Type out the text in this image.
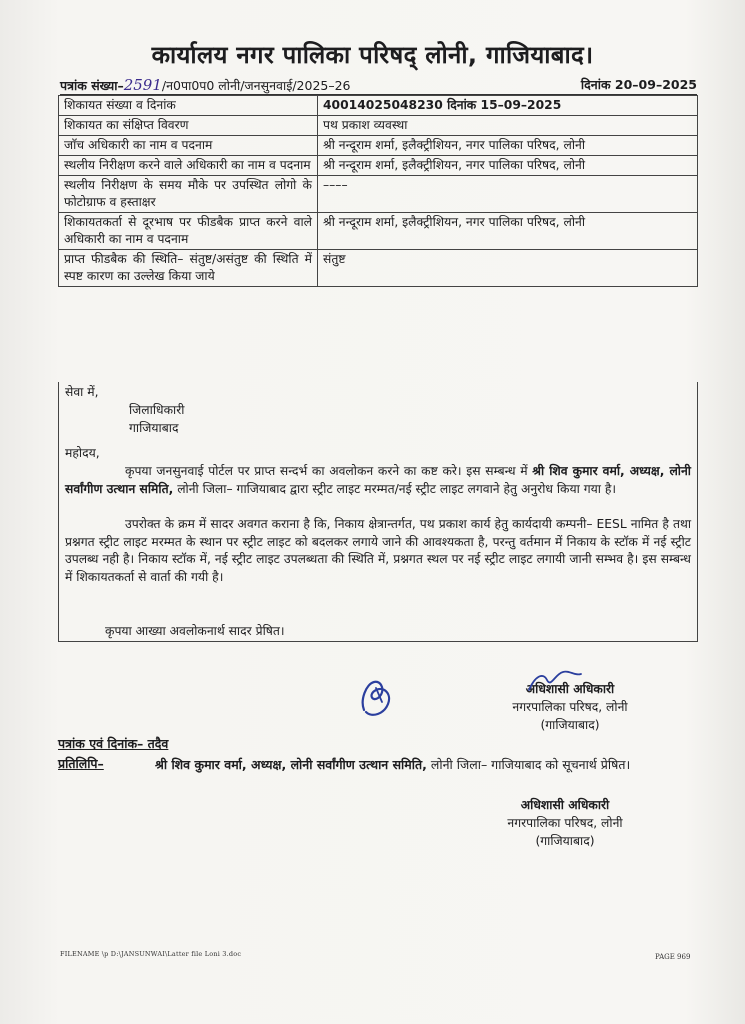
कार्यालय नगर पालिका परिषद् लोनी, गाजियाबाद।
पत्रांक संख्या–2591/न0पा0प0 लोनी/जनसुनवाई/2025–26	दिनांक 20–09–2025
शिकायत संख्या व दिनांक	40014025048230 दिनांक 15–09–2025
शिकायत का संक्षिप्त विवरण	पथ प्रकाश व्यवस्था
जाॅच अधिकारी का नाम व पदनाम	श्री नन्दूराम शर्मा, इलैक्ट्रीशियन, नगर पालिका परिषद, लोनी
स्थलीय निरीक्षण करने वाले अधिकारी का नाम व पदनाम	श्री नन्दूराम शर्मा, इलैक्ट्रीशियन, नगर पालिका परिषद, लोनी
स्थलीय निरीक्षण के समय मौके पर उपस्थित लोगो के फोटोग्राफ व हस्ताक्षर	––––
शिकायतकर्ता से दूरभाष पर फीडबैक प्राप्त करने वाले अधिकारी का नाम व पदनाम	श्री नन्दूराम शर्मा, इलैक्ट्रीशियन, नगर पालिका परिषद, लोनी
प्राप्त फीडबैक की स्थिति– संतुष्ट/असंतुष्ट की स्थिति में स्पष्ट कारण का उल्लेख किया जाये	संतुष्ट
सेवा में,
जिलाधिकारी
गाजियाबाद
महोदय,
कृपया जनसुनवाई पोर्टल पर प्राप्त सन्दर्भ का अवलोकन करने का कष्ट करे। इस सम्बन्ध में श्री शिव कुमार वर्मा, अध्यक्ष, लोनी सर्वांगीण उत्थान समिति, लोनी जिला– गाजियाबाद द्वारा स्ट्रीट लाइट मरम्मत/नई स्ट्रीट लाइट लगवाने हेतु अनुरोध किया गया है।
उपरोक्त के क्रम में सादर अवगत कराना है कि, निकाय क्षेत्रान्तर्गत, पथ प्रकाश कार्य हेतु कार्यदायी कम्पनी– EESL नामित है तथा प्रश्नगत स्ट्रीट लाइट मरम्मत के स्थान पर स्ट्रीट लाइट को बदलकर लगाये जाने की आवश्यकता है, परन्तु वर्तमान में निकाय के स्टॉक में नई स्ट्रीट उपलब्ध नही है। निकाय स्टॉक में, नई स्ट्रीट लाइट उपलब्धता की स्थिति में, प्रश्नगत स्थल पर नई स्ट्रीट लाइट लगायी जानी सम्भव है। इस सम्बन्ध में शिकायतकर्ता से वार्ता की गयी है।
कृपया आख्या अवलोकनार्थ सादर प्रेषित।
अधिशासी अधिकारी
नगरपालिका परिषद, लोनी
(गाजियाबाद)
पत्रांक एवं दिनांक– तदैव
प्रतिलिपि–	श्री शिव कुमार वर्मा, अध्यक्ष, लोनी सर्वांगीण उत्थान समिति, लोनी जिला– गाजियाबाद को सूचनार्थ प्रेषित।
अधिशासी अधिकारी
नगरपालिका परिषद, लोनी
(गाजियाबाद)
FILENAME \p D:\JANSUNWAI\Latter file Loni 3.doc	PAGE 969
